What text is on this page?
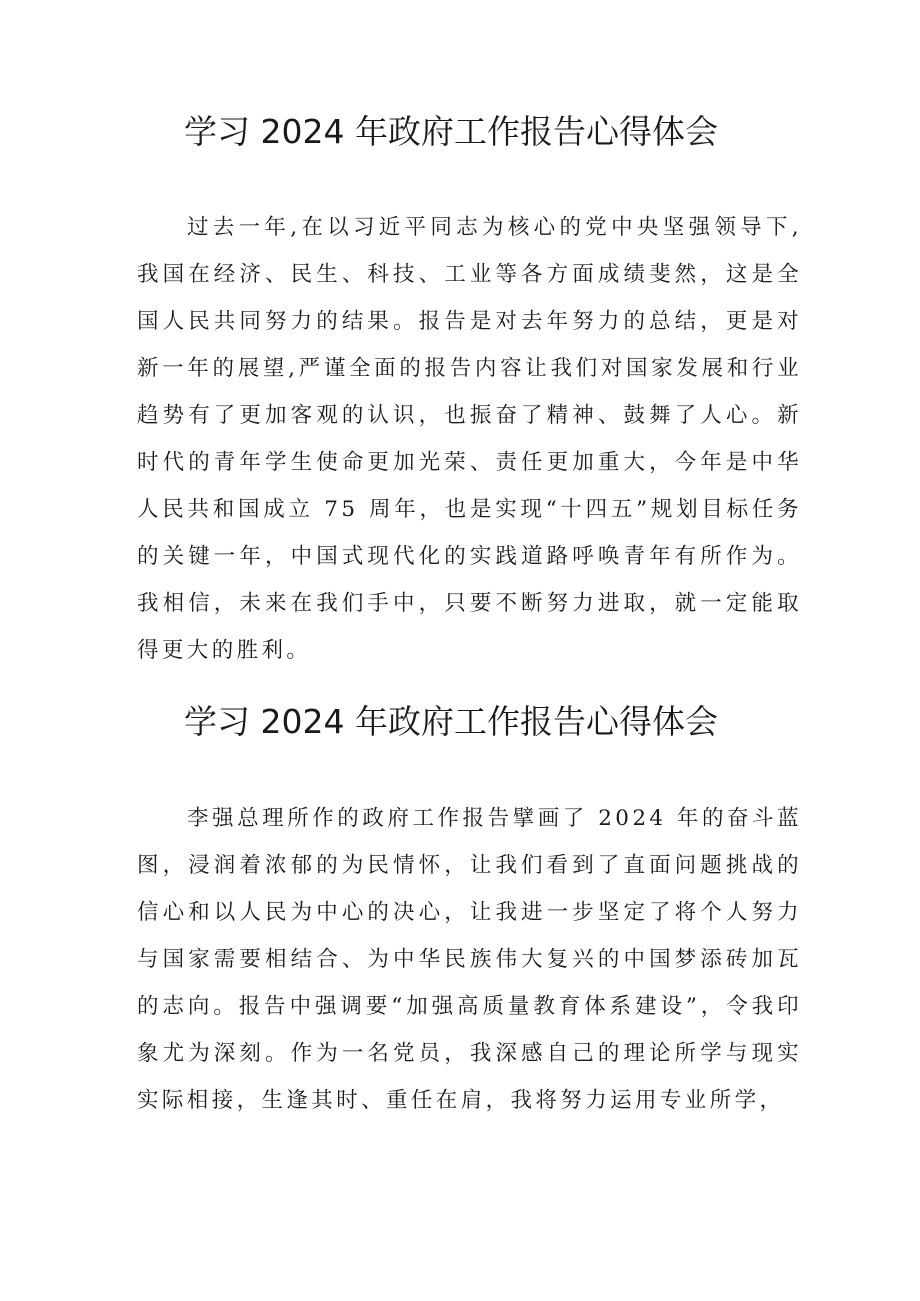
学习 2024 年政府工作报告心得体会

过去一年,在以习近平同志为核心的党中央坚强领导下,我国在经济、民生、科技、工业等各方面成绩斐然，这是全国人民共同努力的结果。报告是对去年努力的总结，更是对新一年的展望,严谨全面的报告内容让我们对国家发展和行业趋势有了更加客观的认识，也振奋了精神、鼓舞了人心。新时代的青年学生使命更加光荣、责任更加重大，今年是中华人民共和国成立 75 周年，也是实现“十四五”规划目标任务的关键一年，中国式现代化的实践道路呼唤青年有所作为。我相信，未来在我们手中，只要不断努力进取，就一定能取得更大的胜利。

学习 2024 年政府工作报告心得体会

李强总理所作的政府工作报告擘画了 2024 年的奋斗蓝图，浸润着浓郁的为民情怀，让我们看到了直面问题挑战的信心和以人民为中心的决心，让我进一步坚定了将个人努力与国家需要相结合、为中华民族伟大复兴的中国梦添砖加瓦的志向。报告中强调要“加强高质量教育体系建设”，令我印象尤为深刻。作为一名党员，我深感自己的理论所学与现实实际相接，生逢其时、重任在肩，我将努力运用专业所学，
